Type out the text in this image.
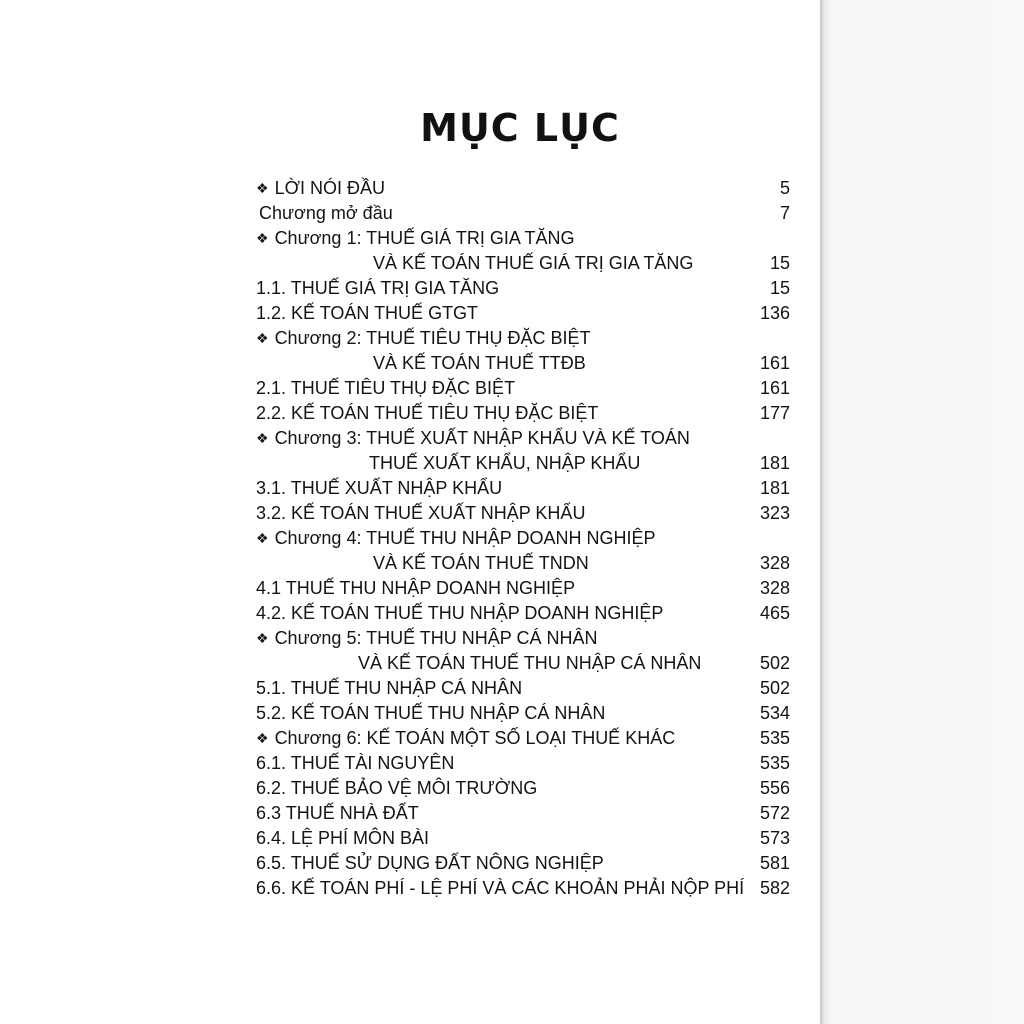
MỤC LỤC
❖ LỜI NÓI ĐẦU	5
Chương mở đầu	7
❖ Chương 1: THUẾ GIÁ TRỊ GIA TĂNG
VÀ KẾ TOÁN THUẾ GIÁ TRỊ GIA TĂNG	15
1.1. THUẾ GIÁ TRỊ GIA TĂNG	15
1.2. KẾ TOÁN THUẾ GTGT	136
❖ Chương 2: THUẾ TIÊU THỤ ĐẶC BIỆT
VÀ KẾ TOÁN THUẾ TTĐB	161
2.1. THUẾ TIÊU THỤ ĐẶC BIỆT	161
2.2. KẾ TOÁN THUẾ TIÊU THỤ ĐẶC BIỆT	177
❖ Chương 3: THUẾ XUẤT NHẬP KHẨU VÀ KẾ TOÁN
THUẾ XUẤT KHẨU, NHẬP KHẨU	181
3.1. THUẾ XUẤT NHẬP KHẨU	181
3.2. KẾ TOÁN THUẾ XUẤT NHẬP KHẨU	323
❖ Chương 4: THUẾ THU NHẬP DOANH NGHIỆP
VÀ KẾ TOÁN THUẾ TNDN	328
4.1 THUẾ THU NHẬP DOANH NGHIỆP	328
4.2. KẾ TOÁN THUẾ THU NHẬP DOANH NGHIỆP	465
❖ Chương 5: THUẾ THU NHẬP CÁ NHÂN
VÀ KẾ TOÁN THUẾ THU NHẬP CÁ NHÂN	502
5.1. THUẾ THU NHẬP CÁ NHÂN	502
5.2. KẾ TOÁN THUẾ THU NHẬP CÁ NHÂN	534
❖ Chương 6: KẾ TOÁN MỘT SỐ LOẠI THUẾ KHÁC	535
6.1. THUẾ TÀI NGUYÊN	535
6.2. THUẾ BẢO VỆ MÔI TRƯỜNG	556
6.3 THUẾ NHÀ ĐẤT	572
6.4. LỆ PHÍ MÔN BÀI	573
6.5. THUẾ SỬ DỤNG ĐẤT NÔNG NGHIỆP	581
6.6. KẾ TOÁN PHÍ - LỆ PHÍ VÀ CÁC KHOẢN PHẢI NỘP PHÍ 582
